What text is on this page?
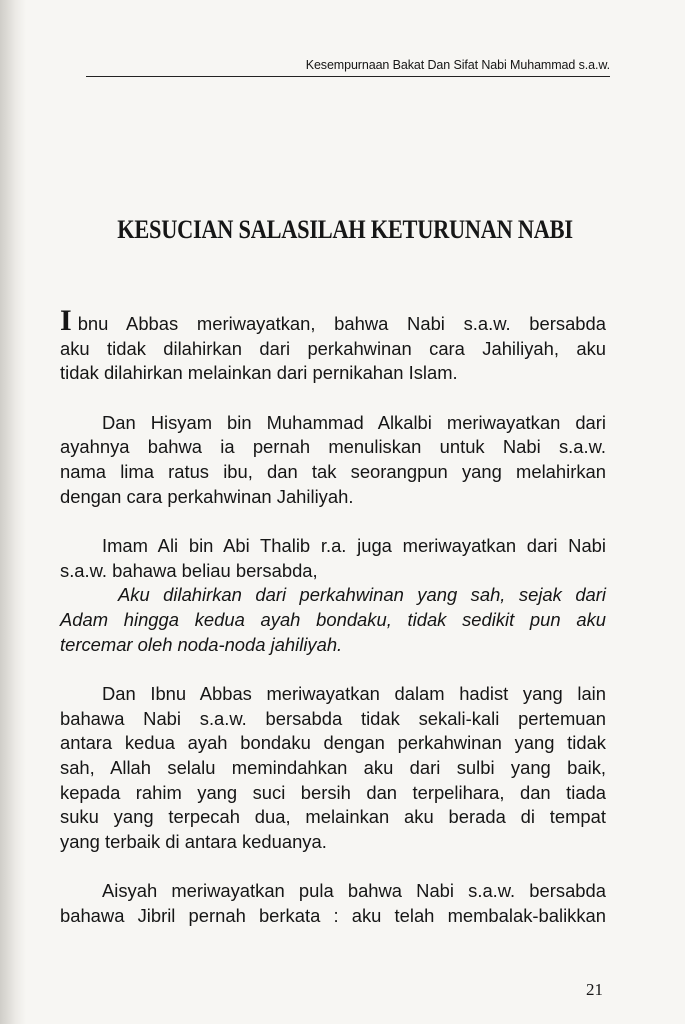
Kesempurnaan Bakat Dan Sifat Nabi Muhammad s.a.w.
KESUCIAN SALASILAH KETURUNAN NABI
Ibnu Abbas meriwayatkan, bahwa Nabi s.a.w. bersabda
aku tidak dilahirkan dari perkahwinan cara Jahiliyah, aku
tidak dilahirkan melainkan dari pernikahan Islam.
Dan Hisyam bin Muhammad Alkalbi meriwayatkan dari
ayahnya bahwa ia pernah menuliskan untuk Nabi s.a.w.
nama lima ratus ibu, dan tak seorangpun yang melahirkan
dengan cara perkahwinan Jahiliyah.
Imam Ali bin Abi Thalib r.a. juga meriwayatkan dari Nabi
s.a.w. bahawa beliau bersabda,
Aku dilahirkan dari perkahwinan yang sah, sejak dari
Adam hingga kedua ayah bondaku, tidak sedikit pun aku
tercemar oleh noda-noda jahiliyah.
Dan Ibnu Abbas meriwayatkan dalam hadist yang lain
bahawa Nabi s.a.w. bersabda tidak sekali-kali pertemuan
antara kedua ayah bondaku dengan perkahwinan yang tidak
sah, Allah selalu memindahkan aku dari sulbi yang baik,
kepada rahim yang suci bersih dan terpelihara, dan tiada
suku yang terpecah dua, melainkan aku berada di tempat
yang terbaik di antara keduanya.
Aisyah meriwayatkan pula bahwa Nabi s.a.w. bersabda
bahawa Jibril pernah berkata : aku telah membalak-balikkan
21
